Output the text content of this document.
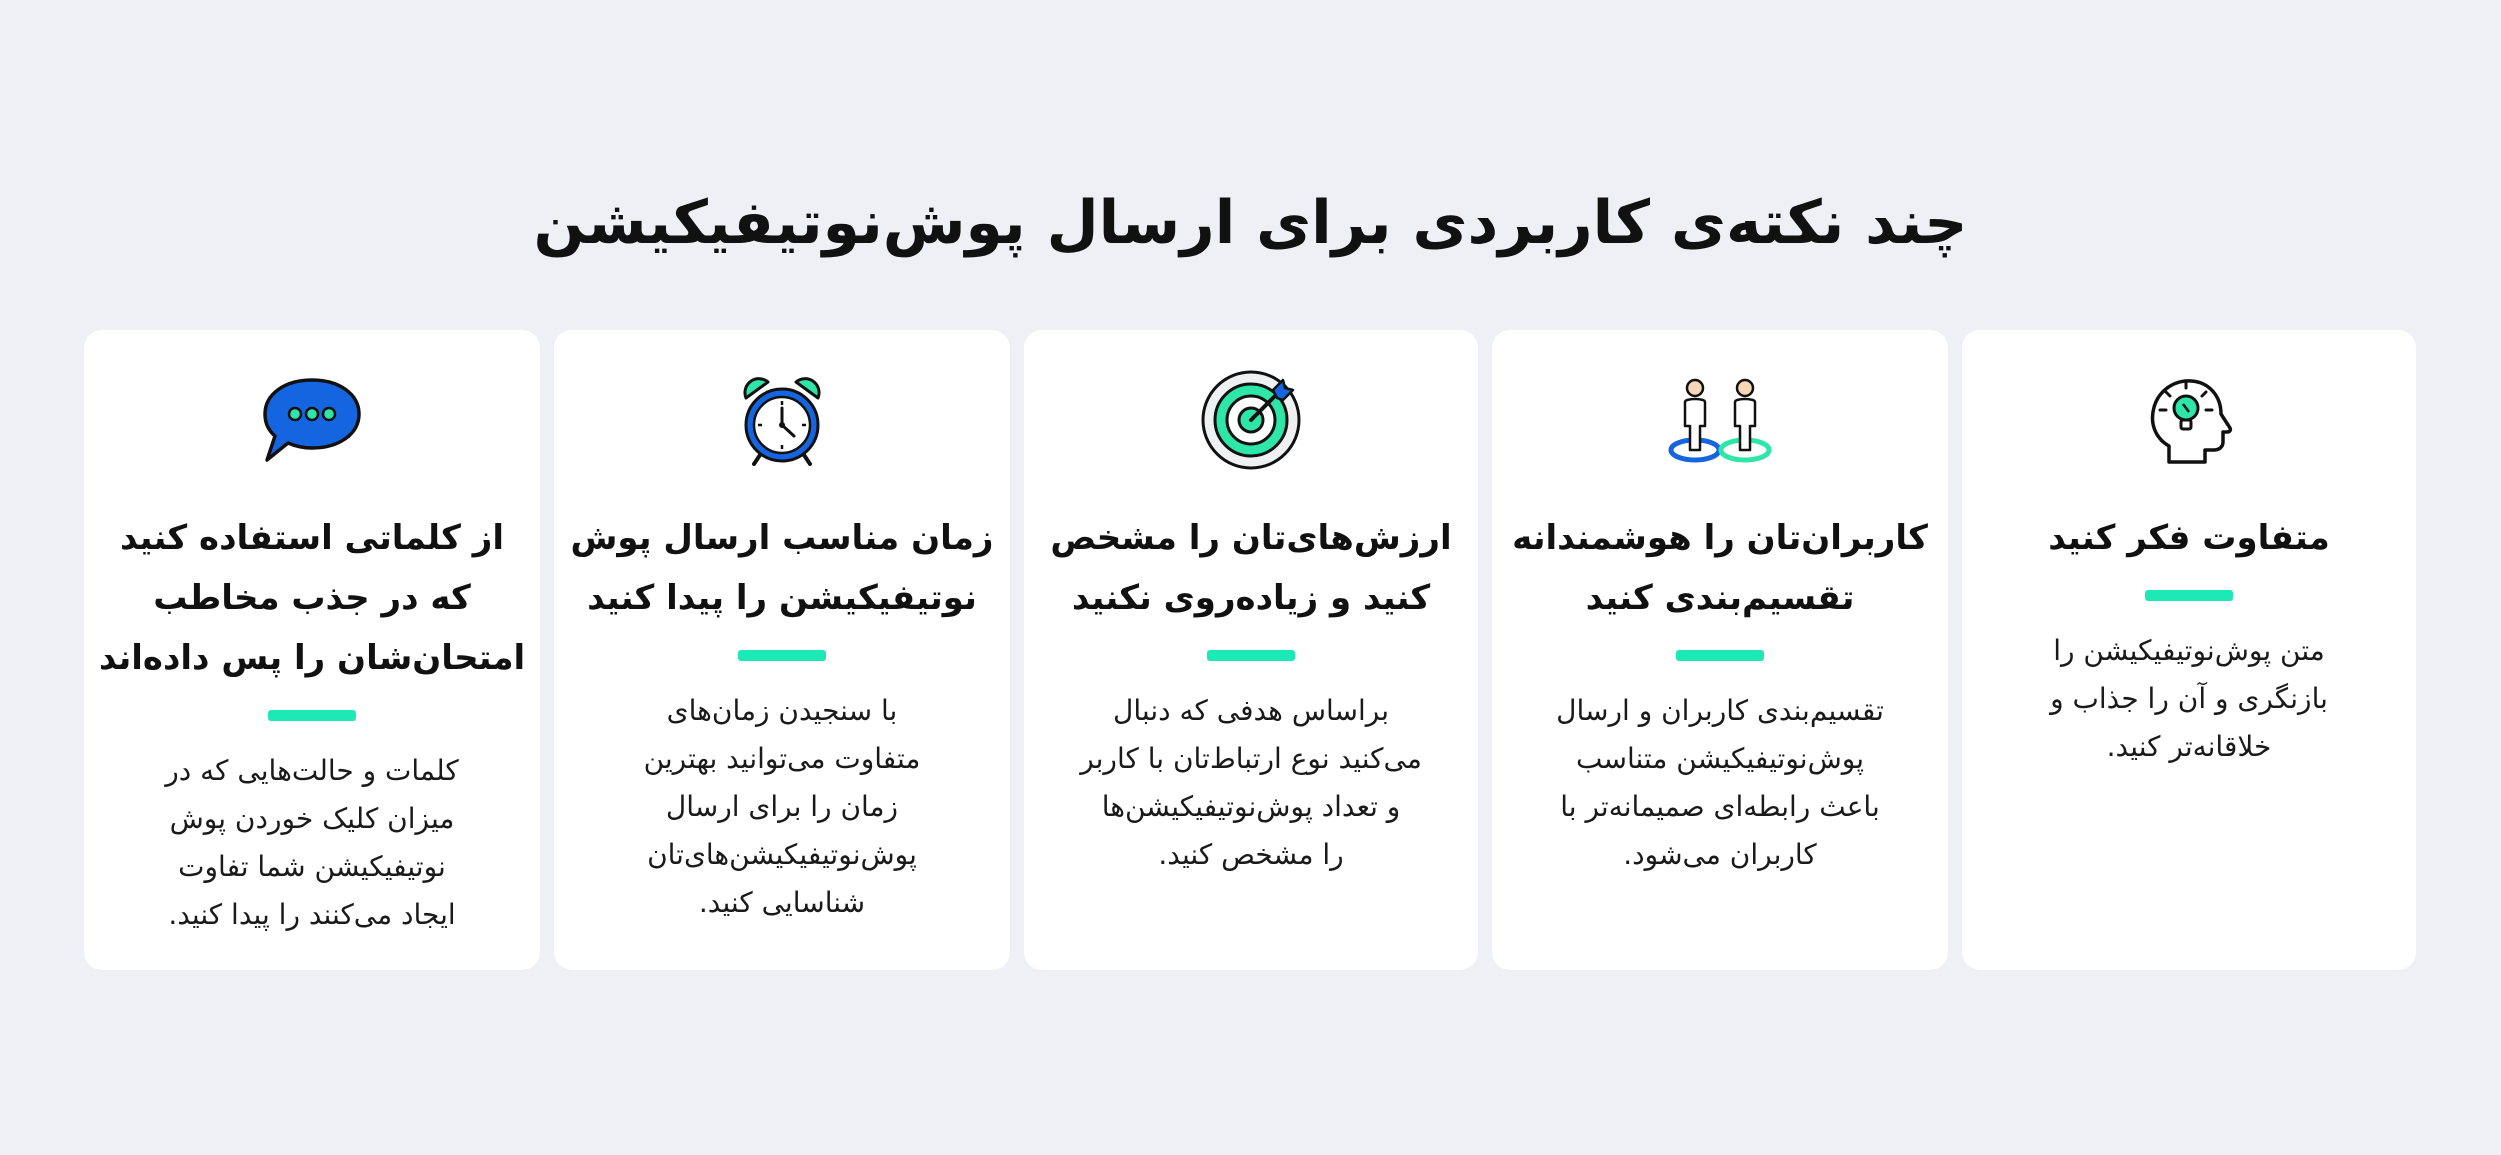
چند نکته‌ی کاربردی برای ارسال پوش‌نوتیفیکیشن
متفاوت فکر کنید
متن پوش‌نوتیفیکیشن را
بازنگری و آن را جذاب و
خلاقانه‌تر کنید.
کاربران‌تان را هوشمندانه
تقسیم‌بندی کنید
تقسیم‌بندی کاربران و ارسال
پوش‌نوتیفیکیشن متناسب
باعث رابطه‌ای صمیمانه‌تر با
کاربران می‌شود.
ارزش‌های‌تان را مشخص
کنید و زیاده‌روی نکنید
براساس هدفی که دنبال
می‌کنید نوع ارتباط‌تان با کاربر
و تعداد پوش‌نوتیفیکیشن‌ها
را مشخص کنید.
زمان مناسب ارسال پوش
نوتیفیکیشن را پیدا کنید
با سنجیدن زمان‌های
متفاوت می‌توانید بهترین
زمان را برای ارسال
پوش‌نوتیفیکیشن‌های‌تان
شناسایی کنید.
از کلماتی استفاده کنید
که در جذب مخاطب
امتحان‌شان را پس داده‌اند
کلمات و حالت‌هایی که در
میزان کلیک خوردن پوش
نوتیفیکیشن شما تفاوت
ایجاد می‌کنند را پیدا کنید.
